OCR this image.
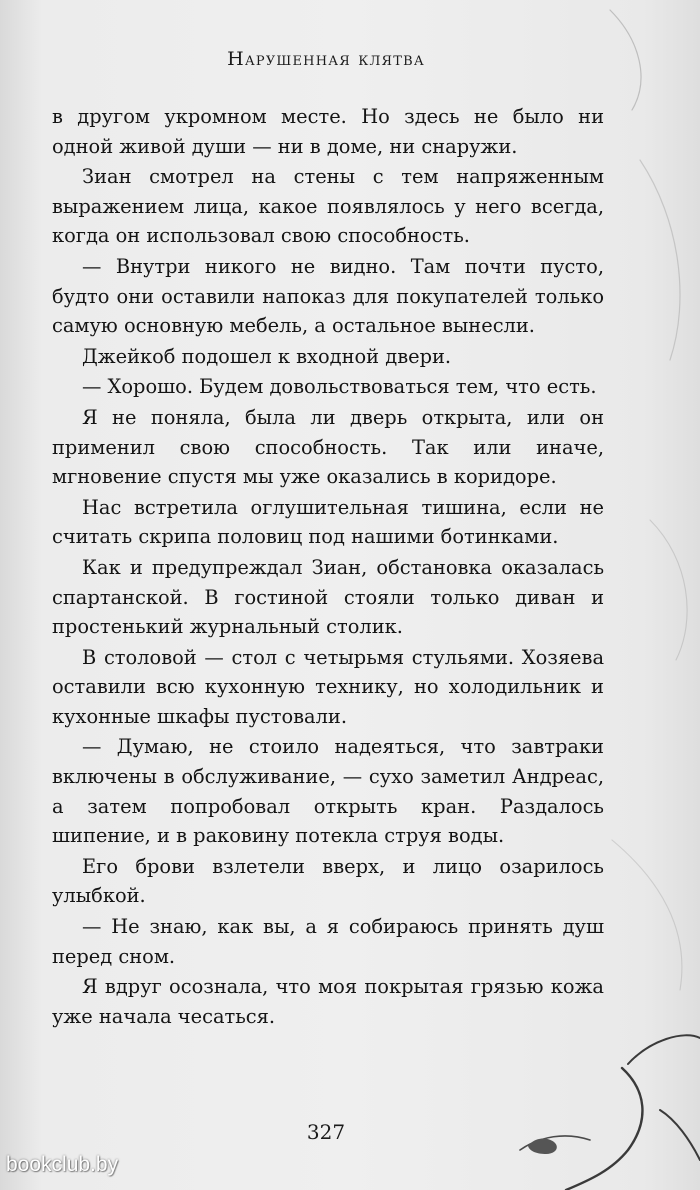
Нарушенная клятва

в другом укромном месте. Но здесь не было ни одной живой души — ни в доме, ни снаружи.

Зиан смотрел на стены с тем напряженным выражением лица, какое появлялось у него всегда, когда он использовал свою способность.

— Внутри никого не видно. Там почти пусто, будто они оставили напоказ для покупателей только самую основную мебель, а остальное вынесли.

Джейкоб подошел к входной двери.

— Хорошо. Будем довольствоваться тем, что есть.

Я не поняла, была ли дверь открыта, или он применил свою способность. Так или иначе, мгновение спустя мы уже оказались в коридоре.

Нас встретила оглушительная тишина, если не считать скрипа половиц под нашими ботинками.

Как и предупреждал Зиан, обстановка оказалась спартанской. В гостиной стояли только диван и простенький журнальный столик.

В столовой — стол с четырьмя стульями. Хозяева оставили всю кухонную технику, но холодильник и кухонные шкафы пустовали.

— Думаю, не стоило надеяться, что завтраки включены в обслуживание, — сухо заметил Андреас, а затем попробовал открыть кран. Раздалось шипение, и в раковину потекла струя воды.

Его брови взлетели вверх, и лицо озарилось улыбкой.

— Не знаю, как вы, а я собираюсь принять душ перед сном.

Я вдруг осознала, что моя покрытая грязью кожа уже начала чесаться.

327
bookclub.by
